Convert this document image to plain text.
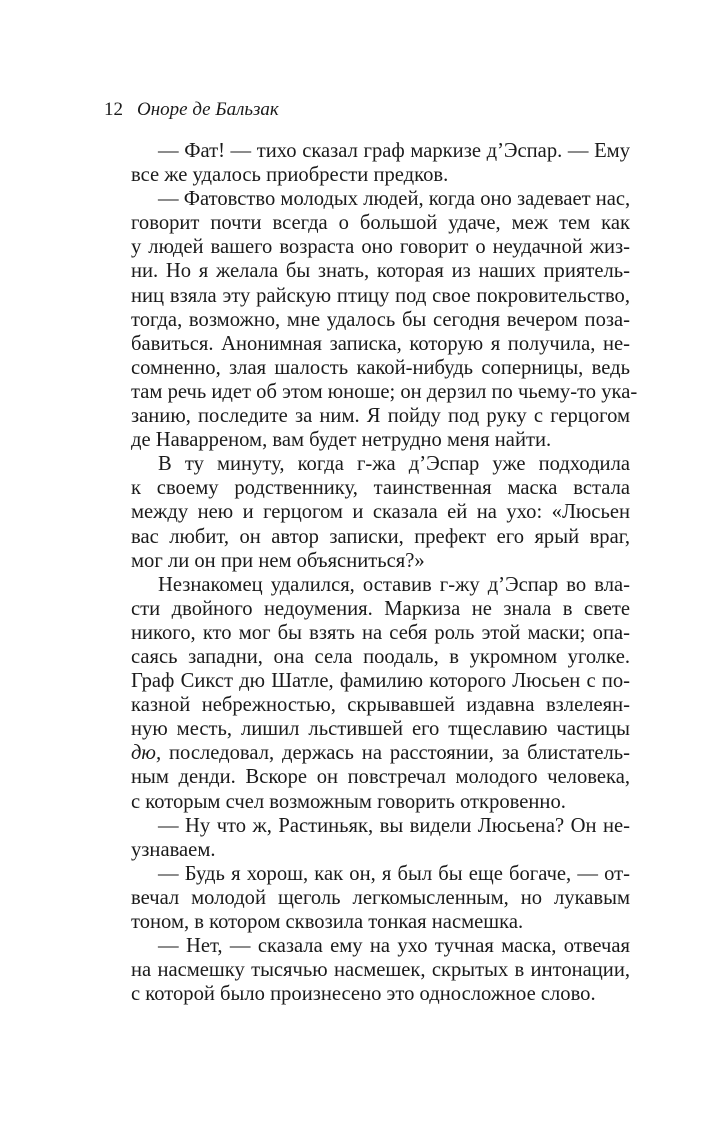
12 Оноре де Бальзак
— Фат! — тихо сказал граф маркизе д’Эспар. — Ему
все же удалось приобрести предков.
— Фатовство молодых людей, когда оно задевает нас,
говорит почти всегда о большой удаче, меж тем как
у людей вашего возраста оно говорит о неудачной жиз-
ни. Но я желала бы знать, которая из наших приятель-
ниц взяла эту райскую птицу под свое покровительство,
тогда, возможно, мне удалось бы сегодня вечером поза-
бавиться. Анонимная записка, которую я получила, не-
сомненно, злая шалость какой-нибудь соперницы, ведь
там речь идет об этом юноше; он дерзил по чьему-то ука-
занию, последите за ним. Я пойду под руку с герцогом
де Наварреном, вам будет нетрудно меня найти.
В ту минуту, когда г-жа д’Эспар уже подходила
к своему родственнику, таинственная маска встала
между нею и герцогом и сказала ей на ухо: «Люсьен
вас любит, он автор записки, префект его ярый враг,
мог ли он при нем объясниться?»
Незнакомец удалился, оставив г-жу д’Эспар во вла-
сти двойного недоумения. Маркиза не знала в свете
никого, кто мог бы взять на себя роль этой маски; опа-
саясь западни, она села поодаль, в укромном уголке.
Граф Сикст дю Шатле, фамилию которого Люсьен с по-
казной небрежностью, скрывавшей издавна взлелеян-
ную месть, лишил льстившей его тщеславию частицы
дю, последовал, держась на расстоянии, за блистатель-
ным денди. Вскоре он повстречал молодого человека,
с которым счел возможным говорить откровенно.
— Ну что ж, Растиньяк, вы видели Люсьена? Он не-
узнаваем.
— Будь я хорош, как он, я был бы еще богаче, — от-
вечал молодой щеголь легкомысленным, но лукавым
тоном, в котором сквозила тонкая насмешка.
— Нет, — сказала ему на ухо тучная маска, отвечая
на насмешку тысячью насмешек, скрытых в интонации,
с которой было произнесено это односложное слово.
